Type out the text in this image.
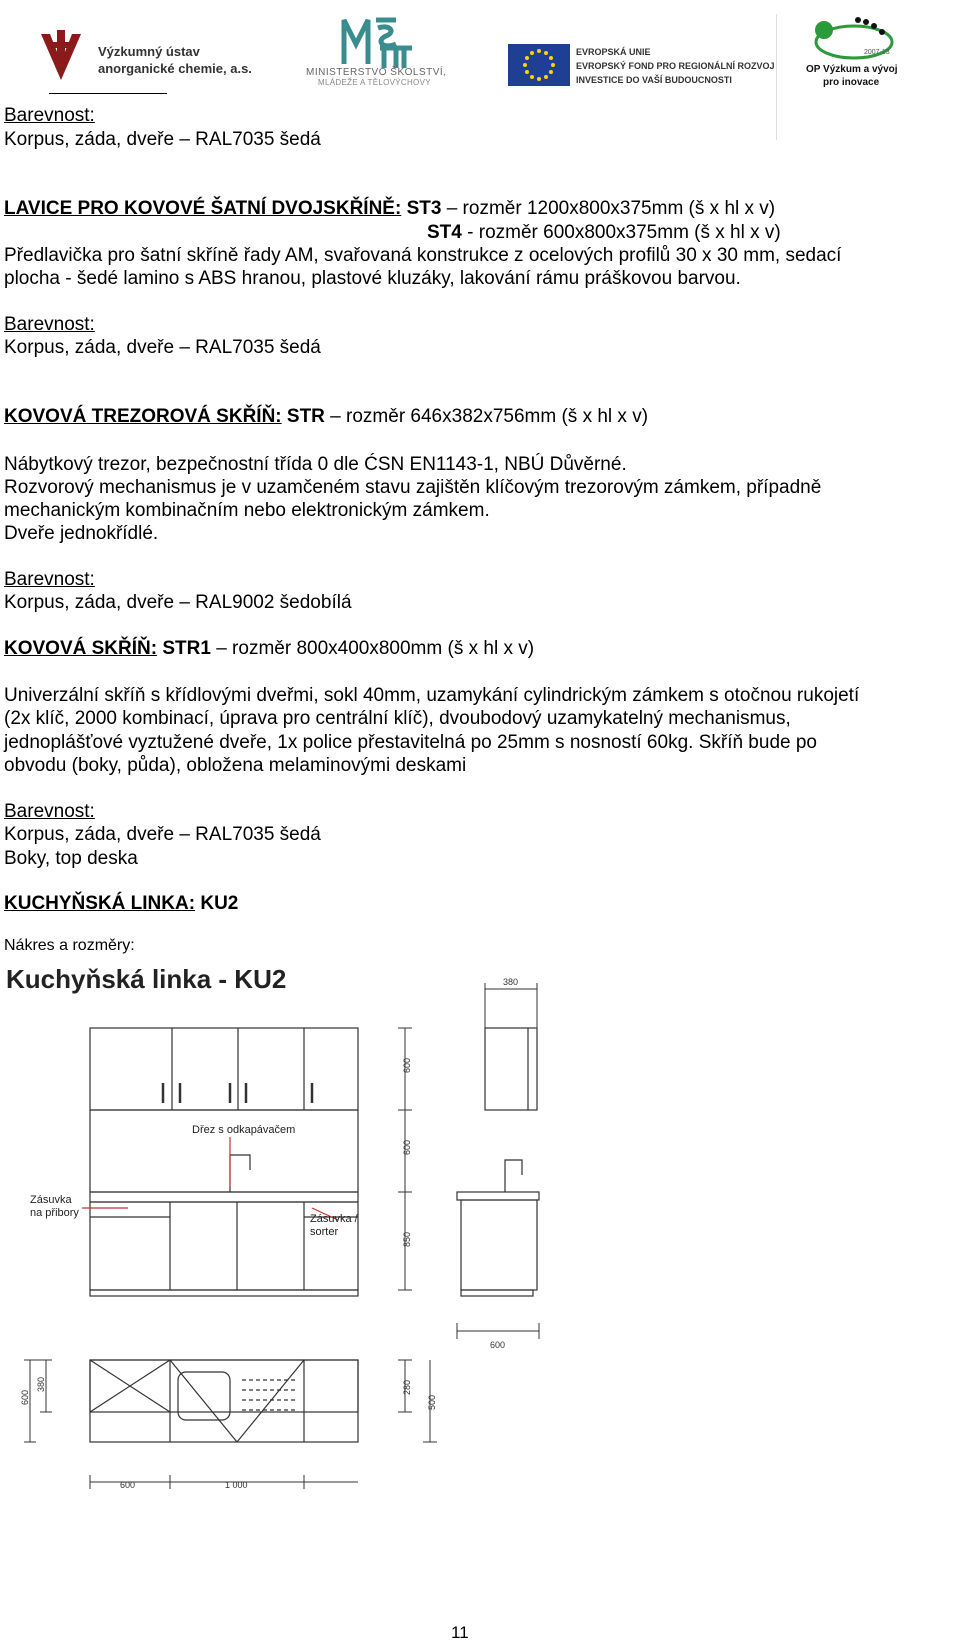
Výzkumný ústav
anorganické chemie, a.s.	MINISTERSTVO ŠKOLSTVÍ,
MLÁDEŽE A TĚLOVÝCHOVY
EVROPSKÁ UNIE
EVROPSKÝ FOND PRO REGIONÁLNÍ ROZVOJ
INVESTICE DO VAŠÍ BUDOUCNOSTI
2007-13
OP Výzkum a vývoj
pro inovace
Barevnost:
Korpus, záda, dveře – RAL7035 šedá
LAVICE PRO KOVOVÉ ŠATNÍ DVOJSKŘÍNĚ: ST3 – rozměr 1200x800x375mm (š x hl x v)
ST4 - rozměr 600x800x375mm (š x hl x v)
Předlavička pro šatní skříně řady AM, svařovaná konstrukce z ocelových profilů 30 x 30 mm, sedací
plocha - šedé lamino s ABS hranou, plastové kluzáky, lakování rámu práškovou barvou.
Barevnost:
Korpus, záda, dveře – RAL7035 šedá
KOVOVÁ TREZOROVÁ SKŘÍŇ: STR – rozměr 646x382x756mm (š x hl x v)
Nábytkový trezor, bezpečnostní třída 0 dle ĆSN EN1143-1, NBÚ Důvěrné.
Rozvorový mechanismus je v uzamčeném stavu zajištěn klíčovým trezorovým zámkem, případně
mechanickým kombinačním nebo elektronickým zámkem.
Dveře jednokřídlé.
Barevnost:
Korpus, záda, dveře – RAL9002 šedobílá
KOVOVÁ SKŘÍŇ: STR1 – rozměr 800x400x800mm (š x hl x v)
Univerzální skříň s křídlovými dveřmi, sokl 40mm, uzamykání cylindrickým zámkem s otočnou rukojetí
(2x klíč, 2000 kombinací, úprava pro centrální klíč), dvoubodový uzamykatelný mechanismus,
jednoplášťové vyztužené dveře, 1x police přestavitelná po 25mm s nosností 60kg. Skříň bude po
obvodu (boky, půda), obložena melaminovými deskami
Barevnost:
Korpus, záda, dveře – RAL7035 šedá
Boky, top deska
KUCHYŇSKÁ LINKA: KU2
Nákres a rozměry:
Kuchyňská linka - KU2
Dřez s odkapávačem
Zásuvka
na přibory	Zásuvka /
sorter
380
600
600
850
600
600
380	280
500
600	1 000
11
